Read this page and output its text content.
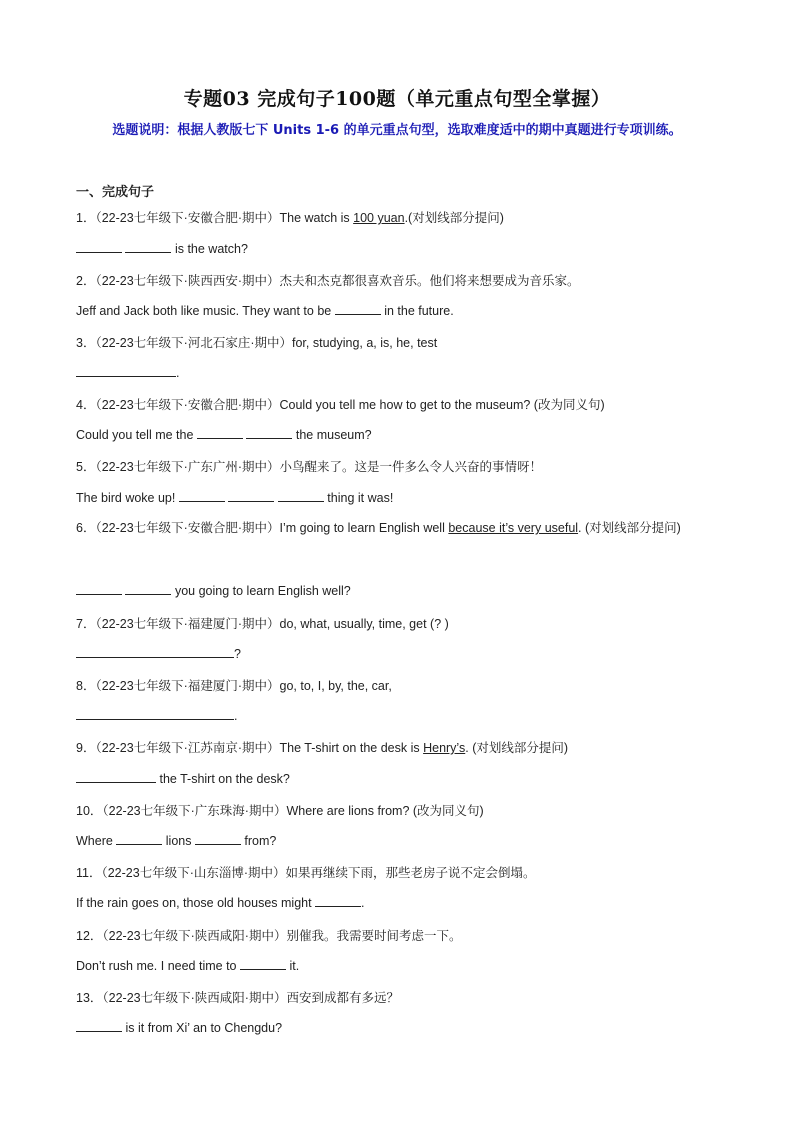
专题03 完成句子100题（单元重点句型全掌握）
选题说明：根据人教版七下 Units 1-6 的单元重点句型，选取难度适中的期中真题进行专项训练。
一、完成句子
1．（22-23七年级下·安徽合肥·期中）The watch is 100 yuan.(对划线部分提问)
is the watch?
2．（22-23七年级下·陕西西安·期中）杰夫和杰克都很喜欢音乐。他们将来想要成为音乐家。
Jeff and Jack both like music. They want to be	in the future.
3．（22-23七年级下·河北石家庄·期中）for, studying, a, is, he, test
.
4．（22-23七年级下·安徽合肥·期中）Could you tell me how to get to the museum? (改为同义句)
Could you tell me the	the museum?
5．（22-23七年级下·广东广州·期中）小鸟醒来了。这是一件多么令人兴奋的事情呀！
The bird woke up!	thing it was!
6．（22-23七年级下·安徽合肥·期中）I’m going to learn English well because it’s very useful. (对划线部分提问)
you going to learn English well?
7．（22-23七年级下·福建厦门·期中）do, what, usually, time, get (? )
?
8．（22-23七年级下·福建厦门·期中）go, to, I, by, the, car,
.
9．（22-23七年级下·江苏南京·期中）The T-shirt on the desk is Henry’s. (对划线部分提问)
the T-shirt on the desk?
10．（22-23七年级下·广东珠海·期中）Where are lions from? (改为同义句)
Where	lions	from?
11．（22-23七年级下·山东淄博·期中）如果再继续下雨，那些老房子说不定会倒塌。
If the rain goes on, those old houses might	.
12．（22-23七年级下·陕西咸阳·期中）别催我。我需要时间考虑一下。
Don’t rush me. I need time to	it.
13．（22-23七年级下·陕西咸阳·期中）西安到成都有多远？
is it from Xi’ an to Chengdu?
